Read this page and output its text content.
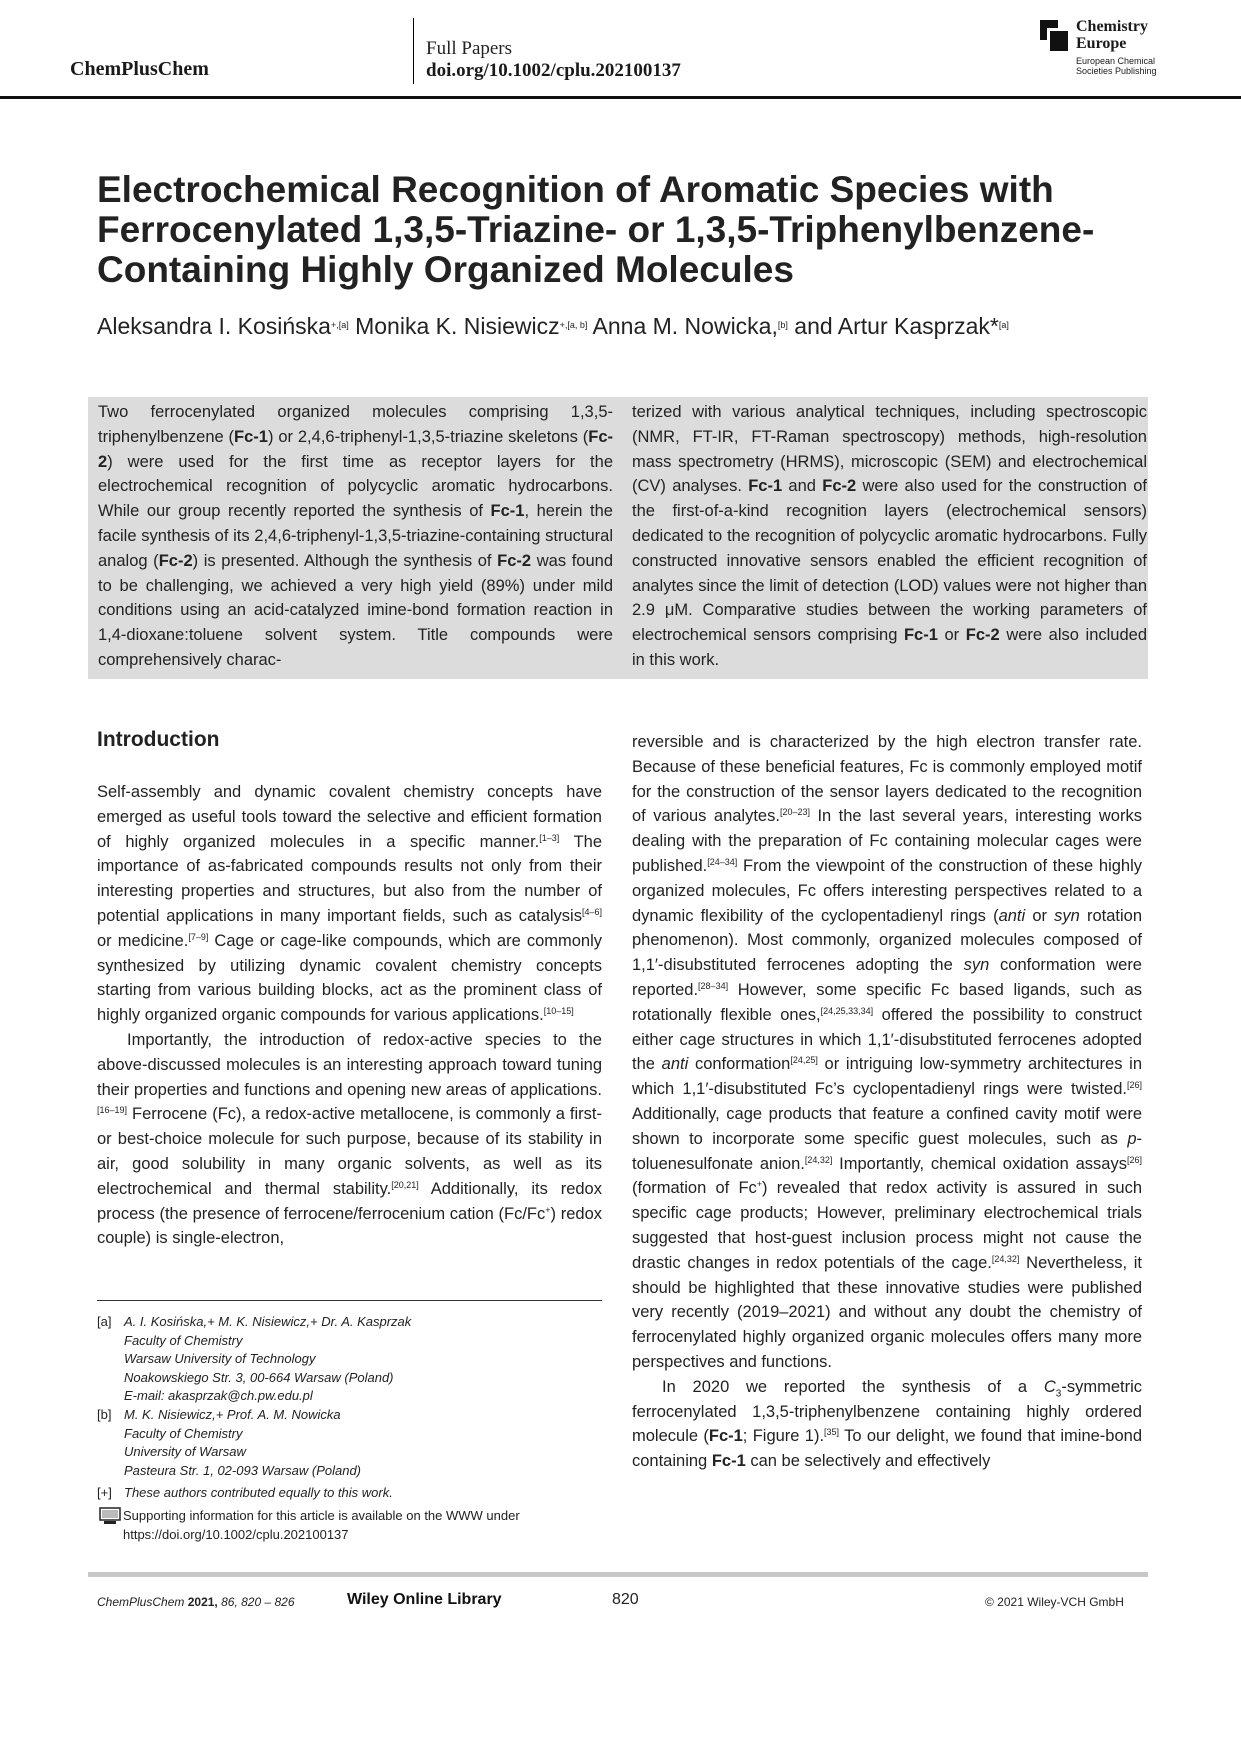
ChemPlusChem
Full Papers
doi.org/10.1002/cplu.202100137
Chemistry
Europe
European Chemical
Societies Publishing
Electrochemical Recognition of Aromatic Species with Ferrocenylated 1,3,5-Triazine- or 1,3,5-Triphenylbenzene-Containing Highly Organized Molecules
Aleksandra I. Kosińska$^{+,[a]}$ Monika K. Nisiewicz$^{+,[a, b]}$ Anna M. Nowicka,[b] and Artur Kasprzak*[a]
Two ferrocenylated organized molecules comprising 1,3,5-triphenylbenzene (Fc-1) or 2,4,6-triphenyl-1,3,5-triazine skeletons (Fc-2) were used for the first time as receptor layers for the electrochemical recognition of polycyclic aromatic hydrocarbons. While our group recently reported the synthesis of Fc-1, herein the facile synthesis of its 2,4,6-triphenyl-1,3,5-triazine-containing structural analog (Fc-2) is presented. Although the synthesis of Fc-2 was found to be challenging, we achieved a very high yield (89%) under mild conditions using an acid-catalyzed imine-bond formation reaction in 1,4-dioxane:toluene solvent system. Title compounds were comprehensively charac-
terized with various analytical techniques, including spectroscopic (NMR, FT-IR, FT-Raman spectroscopy) methods, high-resolution mass spectrometry (HRMS), microscopic (SEM) and electrochemical (CV) analyses. Fc-1 and Fc-2 were also used for the construction of the first-of-a-kind recognition layers (electrochemical sensors) dedicated to the recognition of polycyclic aromatic hydrocarbons. Fully constructed innovative sensors enabled the efficient recognition of analytes since the limit of detection (LOD) values were not higher than 2.9 μM. Comparative studies between the working parameters of electrochemical sensors comprising Fc-1 or Fc-2 were also included in this work.
Introduction

Self-assembly and dynamic covalent chemistry concepts have emerged as useful tools toward the selective and efficient formation of highly organized molecules in a specific manner.[1–3] The importance of as-fabricated compounds results not only from their interesting properties and structures, but also from the number of potential applications in many important fields, such as catalysis[4–6] or medicine.[7–9] Cage or cage-like compounds, which are commonly synthesized by utilizing dynamic covalent chemistry concepts starting from various building blocks, act as the prominent class of highly organized organic compounds for various applications.[10–15]

Importantly, the introduction of redox-active species to the above-discussed molecules is an interesting approach toward tuning their properties and functions and opening new areas of applications.[16–19] Ferrocene (Fc), a redox-active metallocene, is commonly a first- or best-choice molecule for such purpose, because of its stability in air, good solubility in many organic solvents, as well as its electrochemical and thermal stability.[20,21] Additionally, its redox process (the presence of ferrocene/ferrocenium cation (Fc/Fc+) redox couple) is single-electron,

reversible and is characterized by the high electron transfer rate. Because of these beneficial features, Fc is commonly employed motif for the construction of the sensor layers dedicated to the recognition of various analytes.[20–23] In the last several years, interesting works dealing with the preparation of Fc containing molecular cages were published.[24–34] From the viewpoint of the construction of these highly organized molecules, Fc offers interesting perspectives related to a dynamic flexibility of the cyclopentadienyl rings (anti or syn rotation phenomenon). Most commonly, organized molecules composed of 1,1′-disubstituted ferrocenes adopting the syn conformation were reported.[28–34] However, some specific Fc based ligands, such as rotationally flexible ones,[24,25,33,34] offered the possibility to construct either cage structures in which 1,1′-disubstituted ferrocenes adopted the anti conformation[24,25] or intriguing low-symmetry architectures in which 1,1′-disubstituted Fc’s cyclopentadienyl rings were twisted.[26] Additionally, cage products that feature a confined cavity motif were shown to incorporate some specific guest molecules, such as p-toluenesulfonate anion.[24,32] Importantly, chemical oxidation assays[26] (formation of Fc+) revealed that redox activity is assured in such specific cage products; However, preliminary electrochemical trials suggested that host-guest inclusion process might not cause the drastic changes in redox potentials of the cage.[24,32] Nevertheless, it should be highlighted that these innovative studies were published very recently (2019–2021) and without any doubt the chemistry of ferrocenylated highly organized organic molecules offers many more perspectives and functions.

In 2020 we reported the synthesis of a $C_3$-symmetric ferrocenylated 1,3,5-triphenylbenzene containing highly ordered molecule (Fc-1; Figure 1).[35] To our delight, we found that imine-bond containing Fc-1 can be selectively and effectively

[a] A. I. Kosińska,+ M. K. Nisiewicz,+ Dr. A. Kasprzak
Faculty of Chemistry
Warsaw University of Technology
Noakowskiego Str. 3, 00-664 Warsaw (Poland)
E-mail: akasprzak@ch.pw.edu.pl
[b] M. K. Nisiewicz,+ Prof. A. M. Nowicka
Faculty of Chemistry
University of Warsaw
Pasteura Str. 1, 02-093 Warsaw (Poland)
[+] These authors contributed equally to this work.
Supporting information for this article is available on the WWW under https://doi.org/10.1002/cplu.202100137
ChemPlusChem 2021, 86, 820 – 826	Wiley Online Library	820	© 2021 Wiley-VCH GmbH
